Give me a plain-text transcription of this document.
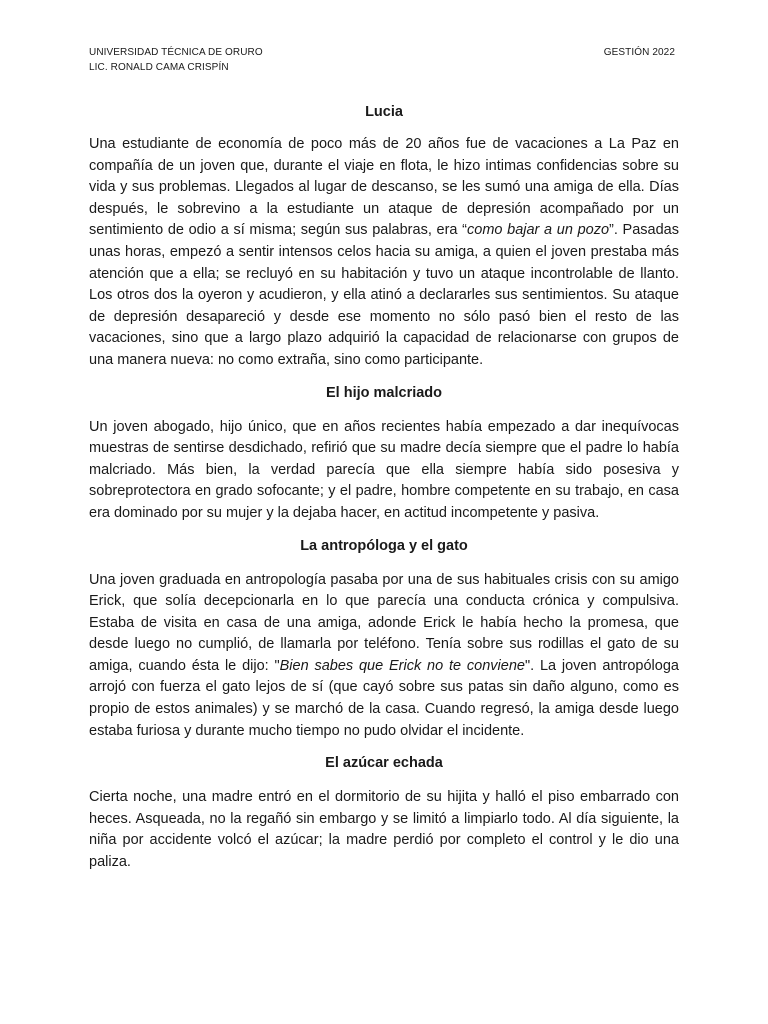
UNIVERSIDAD TÉCNICA DE ORURO
LIC. RONALD CAMA CRISPÍN
GESTIÓN 2022
Lucia

Una estudiante de economía de poco más de 20 años fue de vacaciones a La Paz en compañía de un joven que, durante el viaje en flota, le hizo intimas confidencias sobre su vida y sus problemas. Llegados al lugar de descanso, se les sumó una amiga de ella. Días después, le sobrevino a la estudiante un ataque de depresión acompañado por un sentimiento de odio a sí misma; según sus palabras, era “como bajar a un pozo”. Pasadas unas horas, empezó a sentir intensos celos hacia su amiga, a quien el joven prestaba más atención que a ella; se recluyó en su habitación y tuvo un ataque incontrolable de llanto. Los otros dos la oyeron y acudieron, y ella atinó a declararles sus sentimientos. Su ataque de depresión desapareció y desde ese momento no sólo pasó bien el resto de las vacaciones, sino que a largo plazo adquirió la capacidad de relacionarse con grupos de una manera nueva: no como extraña, sino como participante.

El hijo malcriado

Un joven abogado, hijo único, que en años recientes había empezado a dar inequívocas muestras de sentirse desdichado, refirió que su madre decía siempre que el padre lo había malcriado. Más bien, la verdad parecía que ella siempre había sido posesiva y sobreprotectora en grado sofocante; y el padre, hombre competente en su trabajo, en casa era dominado por su mujer y la dejaba hacer, en actitud incompetente y pasiva.

La antropóloga y el gato

Una joven graduada en antropología pasaba por una de sus habituales crisis con su amigo Erick, que solía decepcionarla en lo que parecía una conducta crónica y compulsiva. Estaba de visita en casa de una amiga, adonde Erick le había hecho la promesa, que desde luego no cumplió, de llamarla por teléfono. Tenía sobre sus rodillas el gato de su amiga, cuando ésta le dijo: "Bien sabes que Erick no te conviene". La joven antropóloga arrojó con fuerza el gato lejos de sí (que cayó sobre sus patas sin daño alguno, como es propio de estos animales) y se marchó de la casa. Cuando regresó, la amiga desde luego estaba furiosa y durante mucho tiempo no pudo olvidar el incidente.

El azúcar echada

Cierta noche, una madre entró en el dormitorio de su hijita y halló el piso embarrado con heces. Asqueada, no la regañó sin embargo y se limitó a limpiarlo todo. Al día siguiente, la niña por accidente volcó el azúcar; la madre perdió por completo el control y le dio una paliza.
